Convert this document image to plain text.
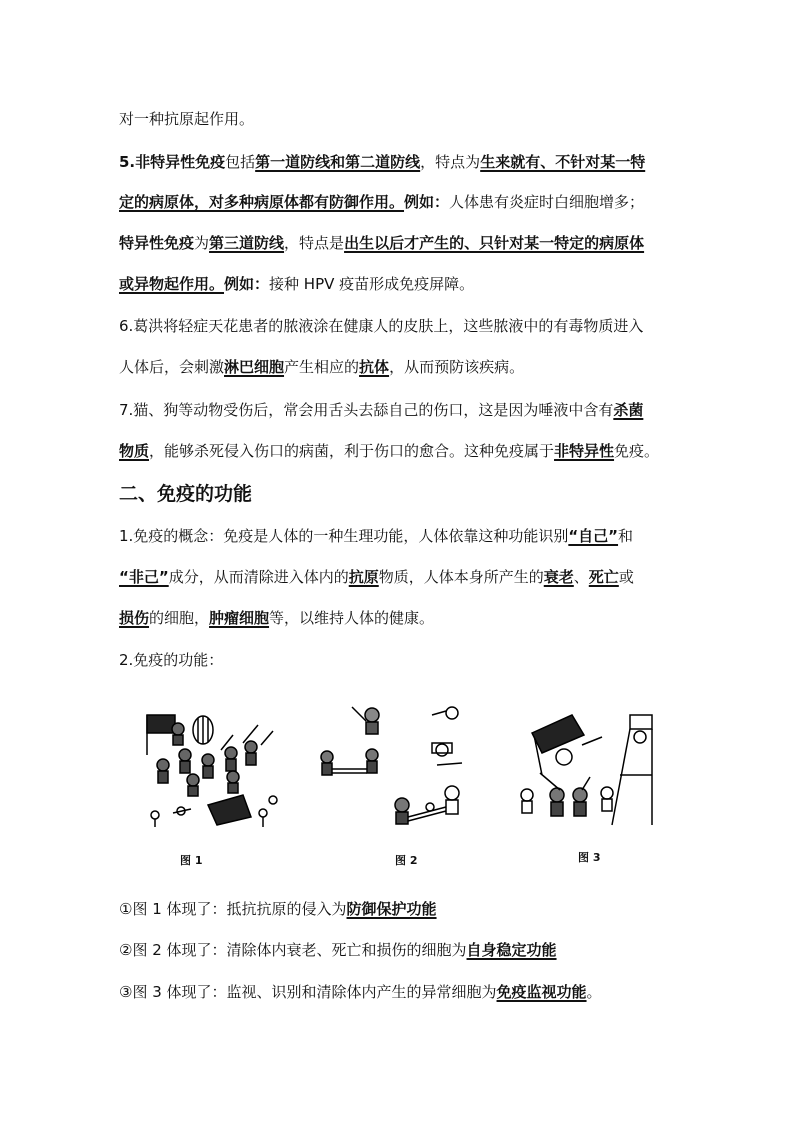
对一种抗原起作用。
5.非特异性免疫包括第一道防线和第二道防线，特点为生来就有、不针对某一特
定的病原体，对多种病原体都有防御作用。例如：人体患有炎症时白细胞增多；
特异性免疫为第三道防线，特点是出生以后才产生的、只针对某一特定的病原体
或异物起作用。例如：接种 HPV 疫苗形成免疫屏障。
6.葛洪将轻症天花患者的脓液涂在健康人的皮肤上，这些脓液中的有毒物质进入
人体后，会刺激淋巴细胞产生相应的抗体，从而预防该疾病。
7.猫、狗等动物受伤后，常会用舌头去舔自己的伤口，这是因为唾液中含有杀菌
物质，能够杀死侵入伤口的病菌，利于伤口的愈合。这种免疫属于非特异性免疫。
二、免疫的功能
1.免疫的概念：免疫是人体的一种生理功能，人体依靠这种功能识别“自己”和
“非己”成分，从而清除进入体内的抗原物质，人体本身所产生的衰老、死亡或
损伤的细胞，肿瘤细胞等，以维持人体的健康。
2.免疫的功能：
图 1	图 2	图 3
①图 1 体现了：抵抗抗原的侵入为防御保护功能
②图 2 体现了：清除体内衰老、死亡和损伤的细胞为自身稳定功能
③图 3 体现了：监视、识别和清除体内产生的异常细胞为免疫监视功能。
